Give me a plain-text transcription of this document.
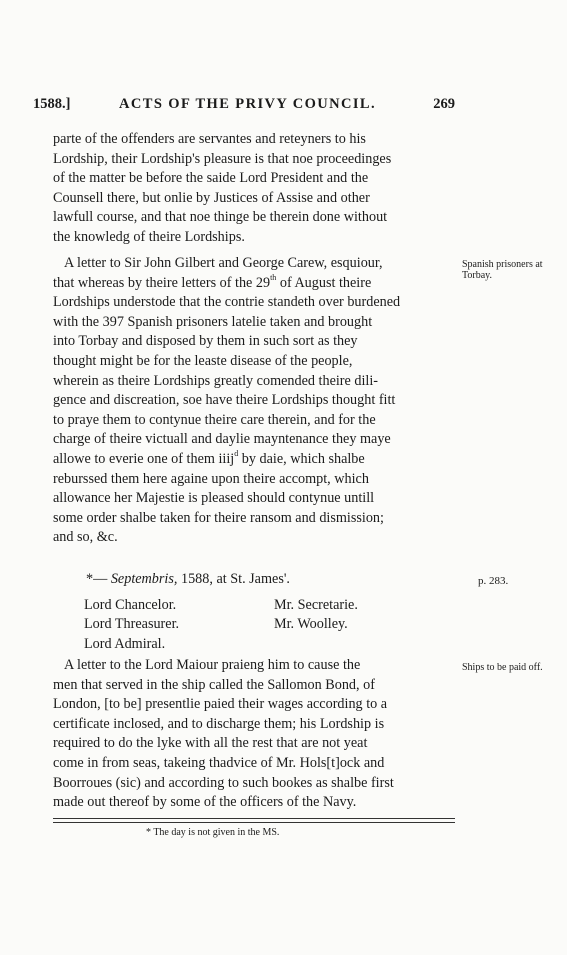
1588.]	ACTS OF THE PRIVY COUNCIL.	269
parte of the offenders are servantes and reteyners to his
Lordship, their Lordship's pleasure is that noe proceedinges
of the matter be before the saide Lord President and the
Counsell there, but onlie by Justices of Assise and other
lawfull course, and that noe thinge be therein done without
the knowledg of theire Lordships.
A letter to Sir John Gilbert and George Carew, esquiour,
that whereas by theire letters of the 29th of August theire
Lordships understode that the contrie standeth over burdened
with the 397 Spanish prisoners latelie taken and brought
into Torbay and disposed by them in such sort as they
thought might be for the leaste disease of the people,
wherein as theire Lordships greatly comended theire dili-
gence and discreation, soe have theire Lordships thought fitt
to praye them to contynue theire care therein, and for the
charge of theire victuall and daylie mayntenance they maye
allowe to everie one of them iiij$^d$ by daie, which shalbe
reburssed them here againe upon theire accompt, which
allowance her Majestie is pleased should contynue untill
some order shalbe taken for theire ransom and dismission;
and so, &c.
Spanish prisoners at Torbay.
*— Septembris, 1588, at St. James'.	p. 283.
Lord Chancelor.	Mr. Secretarie.
Lord Threasurer.	Mr. Woolley.
Lord Admiral.
A letter to the Lord Maiour praieng him to cause the
men that served in the ship called the Sallomon Bond, of
London, [to be] presentlie paied their wages according to a
certificate inclosed, and to discharge them; his Lordship is
required to do the lyke with all the rest that are not yeat
come in from seas, takeing thadvice of Mr. Hols[t]ock and
Boorroues (sic) and according to such bookes as shalbe first
made out thereof by some of the officers of the Navy.
Ships to be paid off.
* The day is not given in the MS.
